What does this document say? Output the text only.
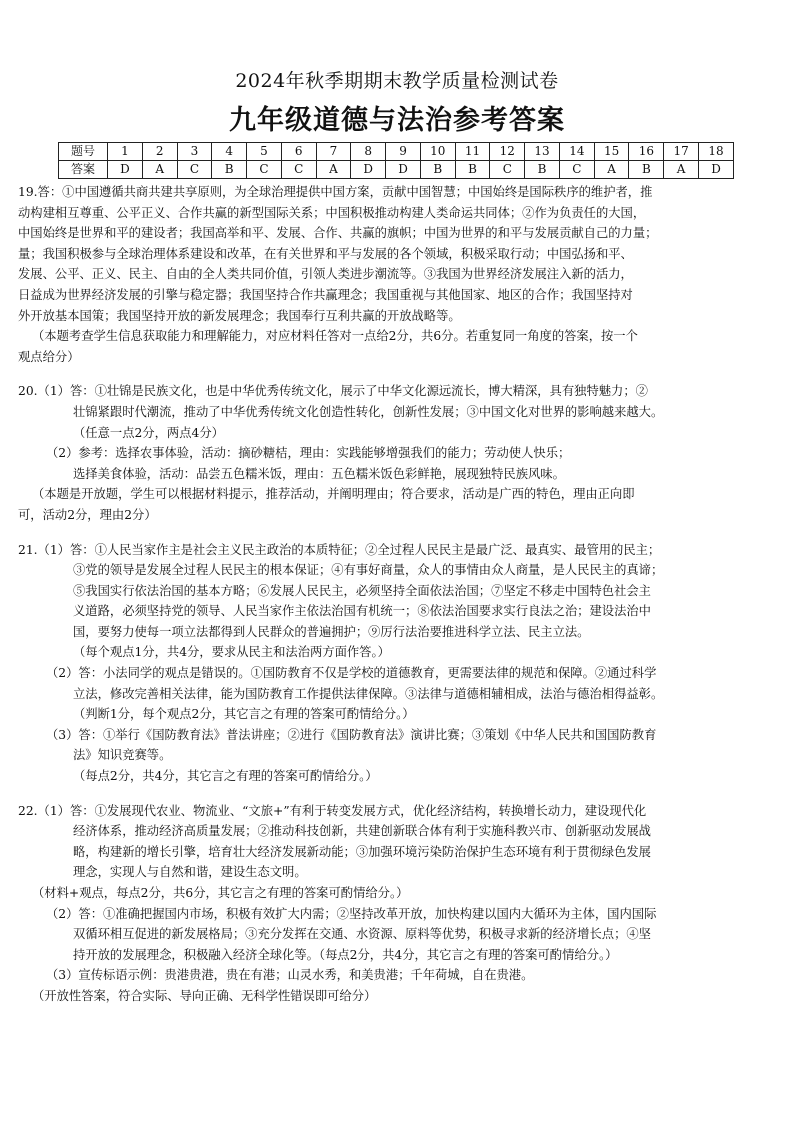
2024年秋季期期末教学质量检测试卷
九年级道德与法治参考答案
题号	1	2	3	4	5	6	7	8	9	10	11	12	13	14	15	16	17	18
答案	D	A	C	B	C	C	A	D	D	B	B	C	B	C	A	B	A	D

19.答：①中国遵循共商共建共享原则，为全球治理提供中国方案，贡献中国智慧；中国始终是国际秩序的维护者，推

动构建相互尊重、公平正义、合作共赢的新型国际关系；中国积极推动构建人类命运共同体；②作为负责任的大国，

中国始终是世界和平的建设者；我国高举和平、发展、合作、共赢的旗帜；中国为世界的和平与发展贡献自己的力量；

量；我国积极参与全球治理体系建设和改革，在有关世界和平与发展的各个领域，积极采取行动；中国弘扬和平、

发展、公平、正义、民主、自由的全人类共同价值，引领人类进步潮流等。③我国为世界经济发展注入新的活力，

日益成为世界经济发展的引擎与稳定器；我国坚持合作共赢理念；我国重视与其他国家、地区的合作；我国坚持对

外开放基本国策；我国坚持开放的新发展理念；我国奉行互利共赢的开放战略等。

（本题考查学生信息获取能力和理解能力，对应材料任答对一点给2分，共6分。若重复同一角度的答案，按一个

观点给分）

20.（1）答：①壮锦是民族文化，也是中华优秀传统文化，展示了中华文化源远流长，博大精深，具有独特魅力；②

壮锦紧跟时代潮流，推动了中华优秀传统文化创造性转化，创新性发展；③中国文化对世界的影响越来越大。

（任意一点2分，两点4分）

（2）参考：选择农事体验，活动：摘砂糖桔，理由：实践能够增强我们的能力；劳动使人快乐；

选择美食体验，活动：品尝五色糯米饭，理由：五色糯米饭色彩鲜艳，展现独特民族风味。

（本题是开放题，学生可以根据材料提示，推荐活动，并阐明理由；符合要求，活动是广西的特色，理由正向即

可，活动2分，理由2分）

21.（1）答：①人民当家作主是社会主义民主政治的本质特征；②全过程人民民主是最广泛、最真实、最管用的民主；

③党的领导是发展全过程人民民主的根本保证；④有事好商量，众人的事情由众人商量，是人民民主的真谛；

⑤我国实行依法治国的基本方略；⑥发展人民民主，必须坚持全面依法治国；⑦坚定不移走中国特色社会主

义道路，必须坚持党的领导、人民当家作主依法治国有机统一；⑧依法治国要求实行良法之治；建设法治中

国，要努力使每一项立法都得到人民群众的普遍拥护；⑨厉行法治要推进科学立法、民主立法。

（每个观点1分，共4分，要求从民主和法治两方面作答。）

（2）答：小法同学的观点是错误的。①国防教育不仅是学校的道德教育，更需要法律的规范和保障。②通过科学

立法，修改完善相关法律，能为国防教育工作提供法律保障。③法律与道德相辅相成，法治与德治相得益彰。

（判断1分，每个观点2分，其它言之有理的答案可酌情给分。）

（3）答：①举行《国防教育法》普法讲座；②进行《国防教育法》演讲比赛；③策划《中华人民共和国国防教育

法》知识竞赛等。

（每点2分，共4分，其它言之有理的答案可酌情给分。）

22.（1）答：①发展现代农业、物流业、“文旅+”有利于转变发展方式，优化经济结构，转换增长动力，建设现代化

经济体系，推动经济高质量发展；②推动科技创新，共建创新联合体有利于实施科教兴市、创新驱动发展战

略，构建新的增长引擎，培育壮大经济发展新动能；③加强环境污染防治保护生态环境有利于贯彻绿色发展

理念，实现人与自然和谐，建设生态文明。

（材料+观点，每点2分，共6分，其它言之有理的答案可酌情给分。）

（2）答：①准确把握国内市场，积极有效扩大内需；②坚持改革开放，加快构建以国内大循环为主体，国内国际

双循环相互促进的新发展格局；③充分发挥在交通、水资源、原料等优势，积极寻求新的经济增长点；④坚

持开放的发展理念，积极融入经济全球化等。（每点2分，共4分，其它言之有理的答案可酌情给分。）

（3）宣传标语示例：贵港贵港，贵在有港；山灵水秀，和美贵港；千年荷城，自在贵港。

（开放性答案，符合实际、导向正确、无科学性错误即可给分）
